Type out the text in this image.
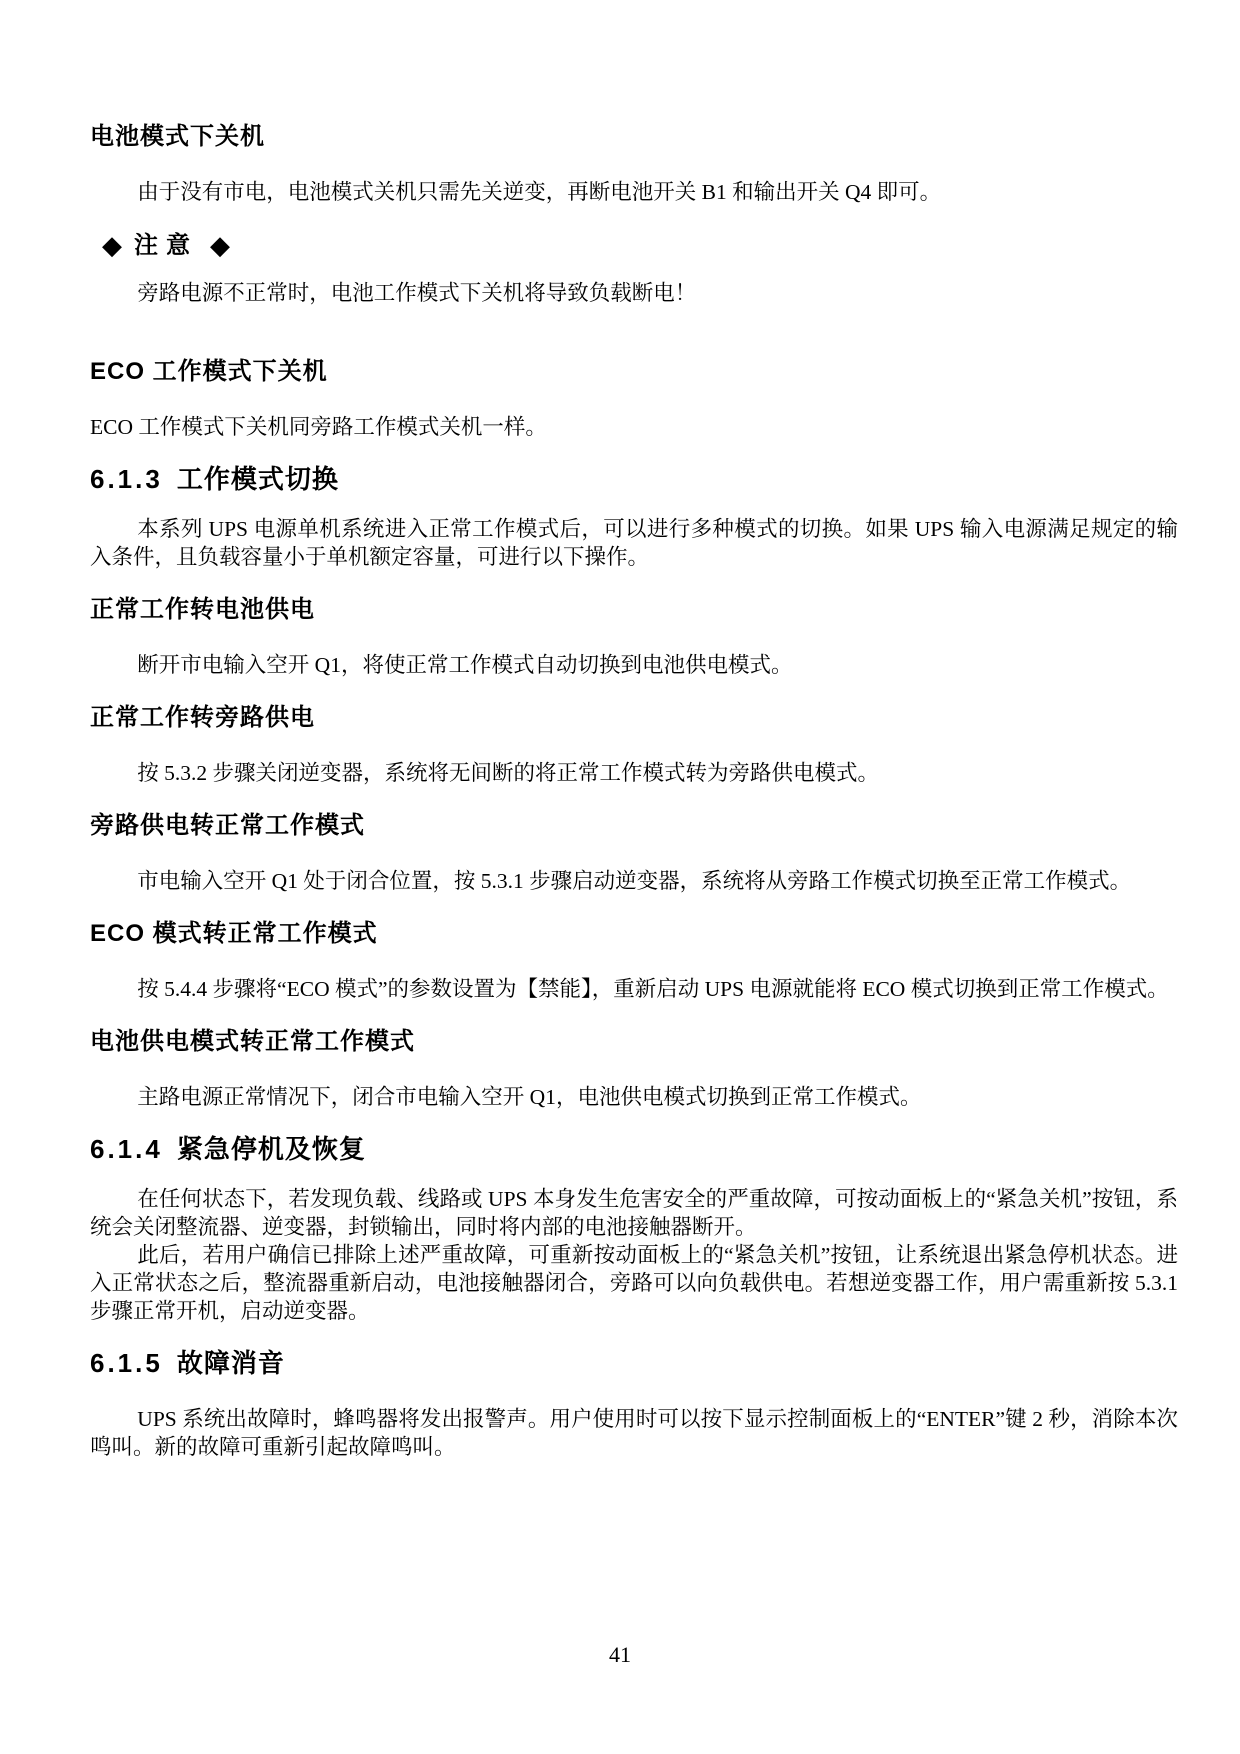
电池模式下关机

由于没有市电，电池模式关机只需先关逆变，再断电池开关 B1 和输出开关 Q4 即可。

◆ 注意 ◆

旁路电源不正常时，电池工作模式下关机将导致负载断电！

ECO 工作模式下关机

ECO 工作模式下关机同旁路工作模式关机一样。

6.1.3 工作模式切换

本系列 UPS 电源单机系统进入正常工作模式后，可以进行多种模式的切换。如果 UPS 输入电源满足规定的输入条件，且负载容量小于单机额定容量，可进行以下操作。

正常工作转电池供电

断开市电输入空开 Q1，将使正常工作模式自动切换到电池供电模式。

正常工作转旁路供电

按 5.3.2 步骤关闭逆变器，系统将无间断的将正常工作模式转为旁路供电模式。

旁路供电转正常工作模式

市电输入空开 Q1 处于闭合位置，按 5.3.1 步骤启动逆变器，系统将从旁路工作模式切换至正常工作模式。

ECO 模式转正常工作模式

按 5.4.4 步骤将“ECO 模式”的参数设置为【禁能】，重新启动 UPS 电源就能将 ECO 模式切换到正常工作模式。

电池供电模式转正常工作模式

主路电源正常情况下，闭合市电输入空开 Q1，电池供电模式切换到正常工作模式。

6.1.4 紧急停机及恢复

在任何状态下，若发现负载、线路或 UPS 本身发生危害安全的严重故障，可按动面板上的“紧急关机”按钮，系统会关闭整流器、逆变器，封锁输出，同时将内部的电池接触器断开。

此后，若用户确信已排除上述严重故障，可重新按动面板上的“紧急关机”按钮，让系统退出紧急停机状态。进入正常状态之后，整流器重新启动，电池接触器闭合，旁路可以向负载供电。若想逆变器工作，用户需重新按 5.3.1 步骤正常开机，启动逆变器。

6.1.5 故障消音

UPS 系统出故障时，蜂鸣器将发出报警声。用户使用时可以按下显示控制面板上的“ENTER”键 2 秒，消除本次鸣叫。新的故障可重新引起故障鸣叫。

41
